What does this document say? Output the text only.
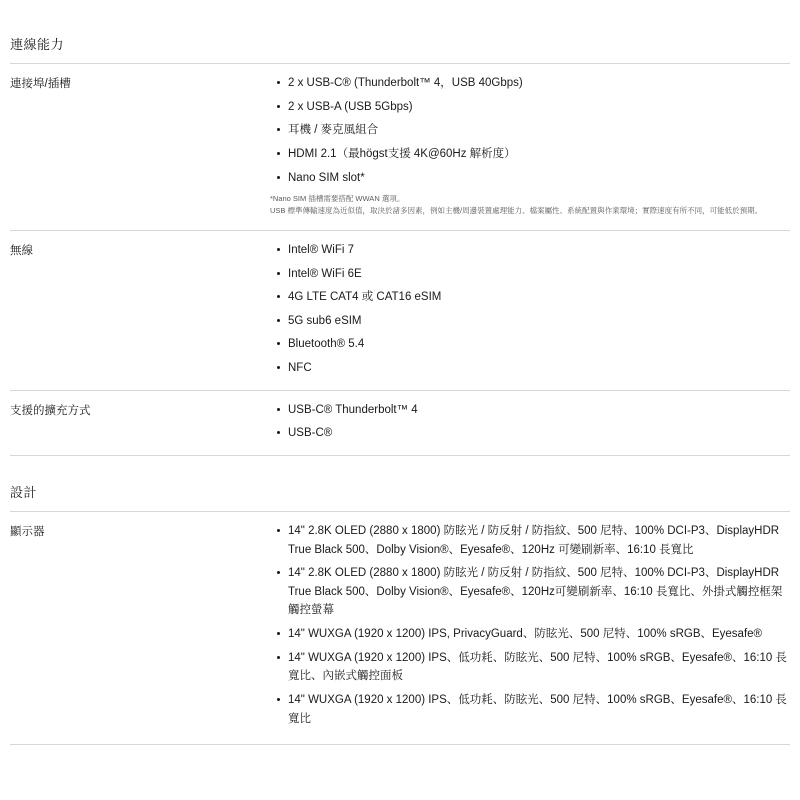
連線能力
連接埠/插槽	2 x USB-C® (Thunderbolt™ 4，USB 40Gbps)
2 x USB-A (USB 5Gbps)
耳機 / 麥克風組合
HDMI 2.1（最högst支援 4K@60Hz 解析度）
Nano SIM slot*

*Nano SIM 插槽需要搭配 WWAN 選項。

USB 標準傳輸速度為近似值，取決於諸多因素，例如主機/周邊裝置處理能力、檔案屬性、系統配置與作業環境；實際速度有所不同，可能低於預期。

無線	Intel® WiFi 7
Intel® WiFi 6E
4G LTE CAT4 或 CAT16 eSIM
5G sub6 eSIM
Bluetooth® 5.4
NFC
支援的擴充方式	USB-C® Thunderbolt™ 4
USB-C®
設計
顯示器	14" 2.8K OLED (2880 x 1800) 防眩光 / 防反射 / 防指紋、500 尼特、100% DCI-P3、DisplayHDR True Black 500、Dolby Vision®、Eyesafe®、120Hz 可變刷新率、16:10 長寬比
14" 2.8K OLED (2880 x 1800) 防眩光 / 防反射 / 防指紋、500 尼特、100% DCI-P3、DisplayHDR True Black 500、Dolby Vision®、Eyesafe®、120Hz可變刷新率、16:10 長寬比、外掛式觸控框架觸控螢幕
14" WUXGA (1920 x 1200) IPS, PrivacyGuard、防眩光、500 尼特、100% sRGB、Eyesafe®
14" WUXGA (1920 x 1200) IPS、低功耗、防眩光、500 尼特、100% sRGB、Eyesafe®、16:10 長寬比、內嵌式觸控面板
14" WUXGA (1920 x 1200) IPS、低功耗、防眩光、500 尼特、100% sRGB、Eyesafe®、16:10 長寬比
